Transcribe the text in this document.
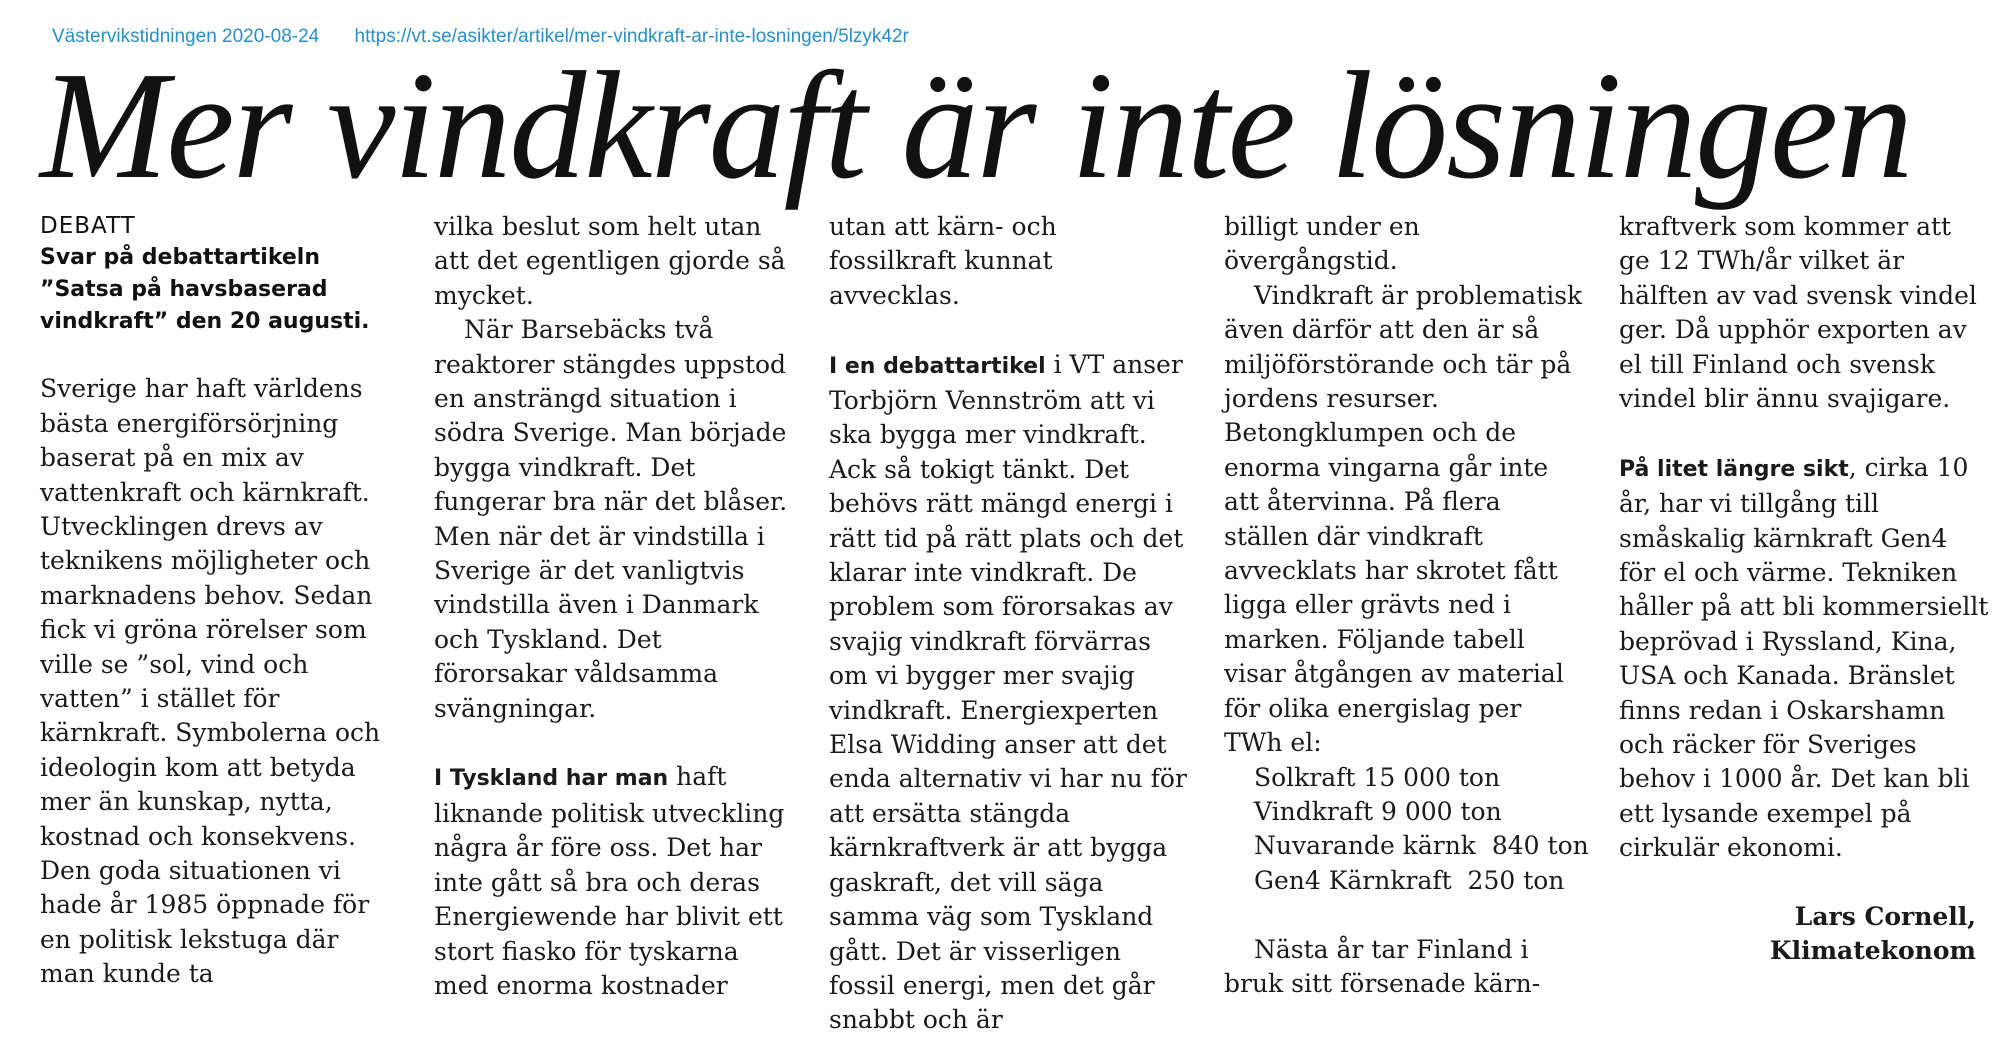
Västervikstidningen 2020-08-24 https://vt.se/asikter/artikel/mer-vindkraft-ar-inte-losningen/5lzyk42r
Mer vindkraft är inte lösningen
DEBATT
Svar på debattartikeln
”Satsa på havsbaserad
vindkraft” den 20 augusti.

Sverige har haft världens bästa energiförsörjning baserat på en mix av vattenkraft och kärnkraft. Utvecklingen drevs av teknikens möjligheter och marknadens behov. Sedan fick vi gröna rörelser som ville se ”sol, vind och vatten” i stället för kärnkraft. Symbolerna och ideologin kom att betyda mer än kunskap, nytta, kostnad och konsekvens. Den goda situationen vi hade år 1985 öppnade för en politisk lekstuga där man kunde ta

vilka beslut som helt utan att det egentligen gjorde så mycket.

När Barsebäcks två reaktorer stängdes uppstod en ansträngd situation i södra Sverige. Man började bygga vindkraft. Det fungerar bra när det blåser. Men när det är vindstilla i Sverige är det vanligtvis vindstilla även i Danmark och Tyskland. Det förorsakar våldsamma svängningar.

I Tyskland har man haft liknande politisk utveckling några år före oss. Det har inte gått så bra och deras Energiewende har blivit ett stort fiasko för tyskarna med enorma kostnader

utan att kärn- och fossilkraft kunnat avvecklas.

I en debattartikel i VT anser Torbjörn Vennström att vi ska bygga mer vindkraft. Ack så tokigt tänkt. Det behövs rätt mängd energi i rätt tid på rätt plats och det klarar inte vindkraft. De problem som förorsakas av svajig vindkraft förvärras om vi bygger mer svajig vindkraft. Energiexperten Elsa Widding anser att det enda alternativ vi har nu för att ersätta stängda kärnkraftverk är att bygga gaskraft, det vill säga samma väg som Tyskland gått. Det är visserligen fossil energi, men det går snabbt och är

billigt under en övergångstid.

Vindkraft är problematisk även därför att den är så miljöförstörande och tär på jordens resurser. Betongklumpen och de enorma vingarna går inte att återvinna. På flera ställen där vindkraft avvecklats har skrotet fått ligga eller grävts ned i marken. Följande tabell visar åtgången av material för olika energislag per TWh el:

Solkraft 15 000 ton
Vindkraft 9 000 ton
Nuvarande kärnk  840 ton
Gen4 Kärnkraft  250 ton

Nästa år tar Finland i bruk sitt försenade kärn-

kraftverk som kommer att ge 12 TWh/år vilket är hälften av vad svensk vindel ger. Då upphör exporten av el till Finland och svensk vindel blir ännu svajigare.

På litet längre sikt, cirka 10 år, har vi tillgång till småskalig kärnkraft Gen4 för el och värme. Tekniken håller på att bli kommersiellt beprövad i Ryssland, Kina, USA och Kanada. Bränslet finns redan i Oskarshamn och räcker för Sveriges behov i 1000 år. Det kan bli ett lysande exempel på cirkulär ekonomi.

Lars Cornell,
Klimatekonom
